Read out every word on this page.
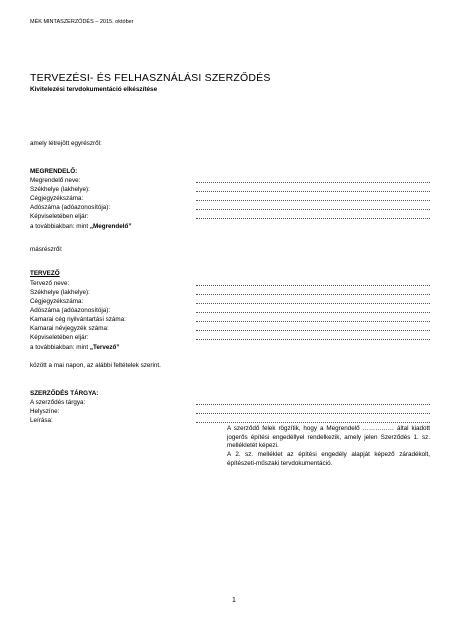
MÉK MINTASZERZŐDÉS – 2015. október
TERVEZÉSI- ÉS FELHASZNÁLÁSI SZERZŐDÉS
Kivitelezési tervdokumentáció elkészítése
amely létrejött egyrészről:
MEGRENDELŐ:
Megrendelő neve:
Székhelye (lakhelye):
Cégjegyzékszáma:
Adószáma (adóazonosítója):
Képviseletében eljár:
a továbbiakban: mint „Megrendelő”
másrészről:
TERVEZŐ
Tervező neve:
Székhelye (lakhelye):
Cégjegyzékszáma:
Adószáma (adóazonosítója):
Kamarai cég nyilvántartási száma:
Kamarai névjegyzék száma:
Képviseletében eljár:
a továbbiakban: mint „Tervező”
között a mai napon, az alábbi feltételek szerint.
SZERZŐDÉS TÁRGYA:
A szerződés tárgya:
Helyszíne:
Leírása:

A szerződő felek rögzítik, hogy a Megrendelő …………… által kiadott jogerős építési engedéllyel rendelkezik, amely jelen Szerződés 1. sz. mellékletét képezi.

A 2. sz. melléklet az építési engedély alapját képező záradékolt, építészeti-műszaki tervdokumentáció.

1
